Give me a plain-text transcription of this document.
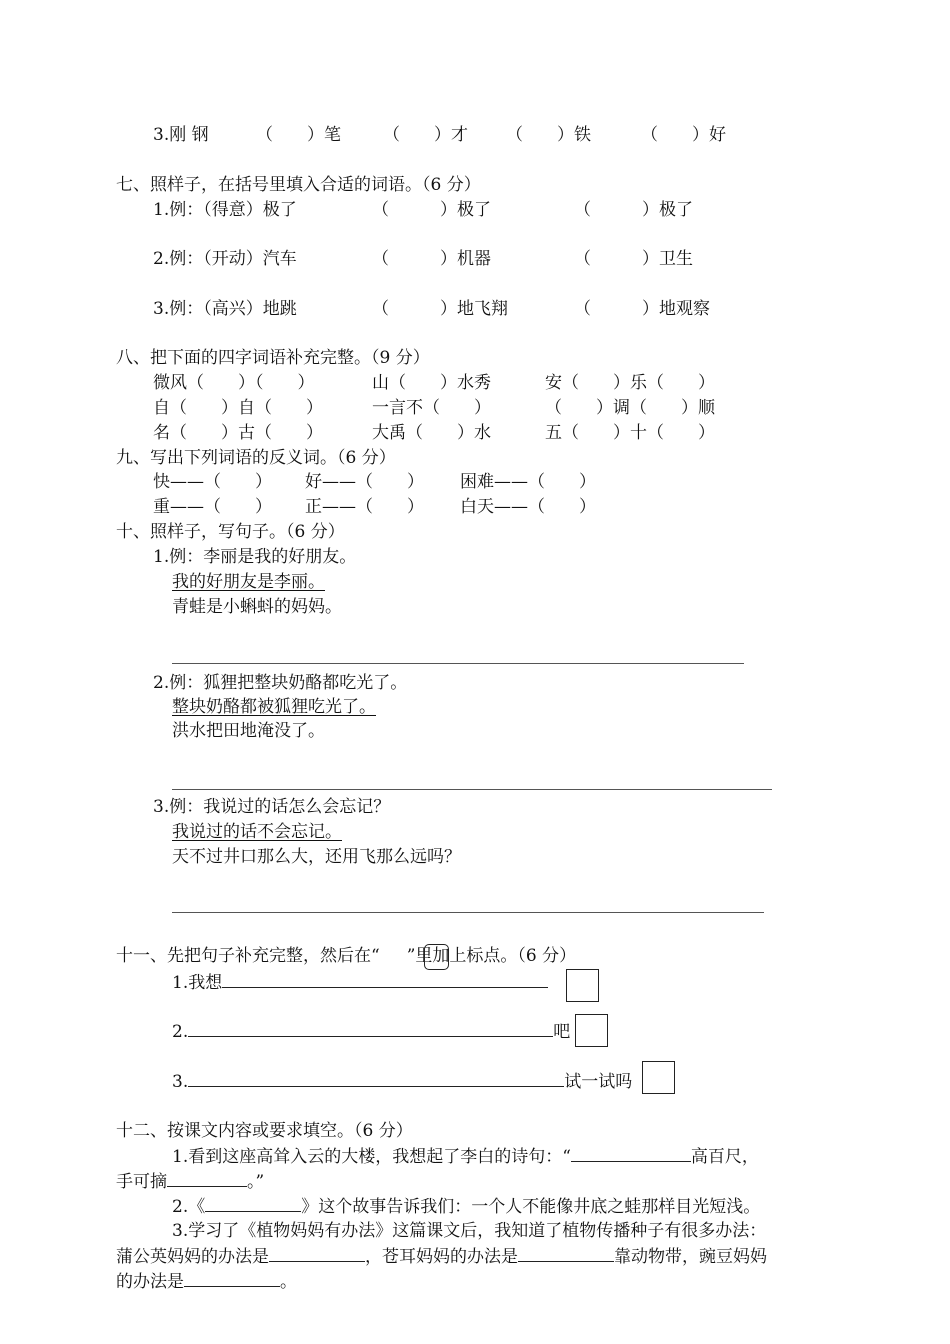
3.刚 钢	（　　）笔 （　　）才 （　　）铁	（　　）好
七、照样子，在括号里填入合适的词语。（6 分）
1.例：（得意）极了	（　　　）极了	（　　　）极了
2.例：（开动）汽车	（　　　）机器	（　　　）卫生
3.例：（高兴）地跳	（　　　）地飞翔	（　　　）地观察
八、把下面的四字词语补充完整。（9 分）
微风（　　）（　　）	山（　　）水秀	安（　　）乐（　　）
自（　　）自（　　）	一言不（　　）	（　　）调（　　）顺
名（　　）古（　　）	大禹（　　）水	五（　　）十（　　）
九、写出下列词语的反义词。（6 分）
快——（　　） 好——（　　） 困难——（　　）
重——（　　） 正——（　　） 白天——（　　）
十、照样子，写句子。（6 分）
1.例：李丽是我的好朋友。
我的好朋友是李丽。
青蛙是小蝌蚪的妈妈。
2.例：狐狸把整块奶酪都吃光了。
整块奶酪都被狐狸吃光了。
洪水把田地淹没了。
3.例：我说过的话怎么会忘记？
我说过的话不会忘记。
天不过井口那么大，还用飞那么远吗？
十一、先把句子补充完整，然后在“ ”里加上标点。（6 分）
1.我想
2.	吧
3.	试一试吗
十二、按课文内容或要求填空。（6 分）
1.看到这座高耸入云的大楼，我想起了李白的诗句：“	高百尺，
手可摘	。”
2.《	》这个故事告诉我们：一个人不能像井底之蛙那样目光短浅。
3.学习了《植物妈妈有办法》这篇课文后，我知道了植物传播种子有很多办法：
蒲公英妈妈的办法是	，苍耳妈妈的办法是	靠动物带，豌豆妈妈
的办法是	。
